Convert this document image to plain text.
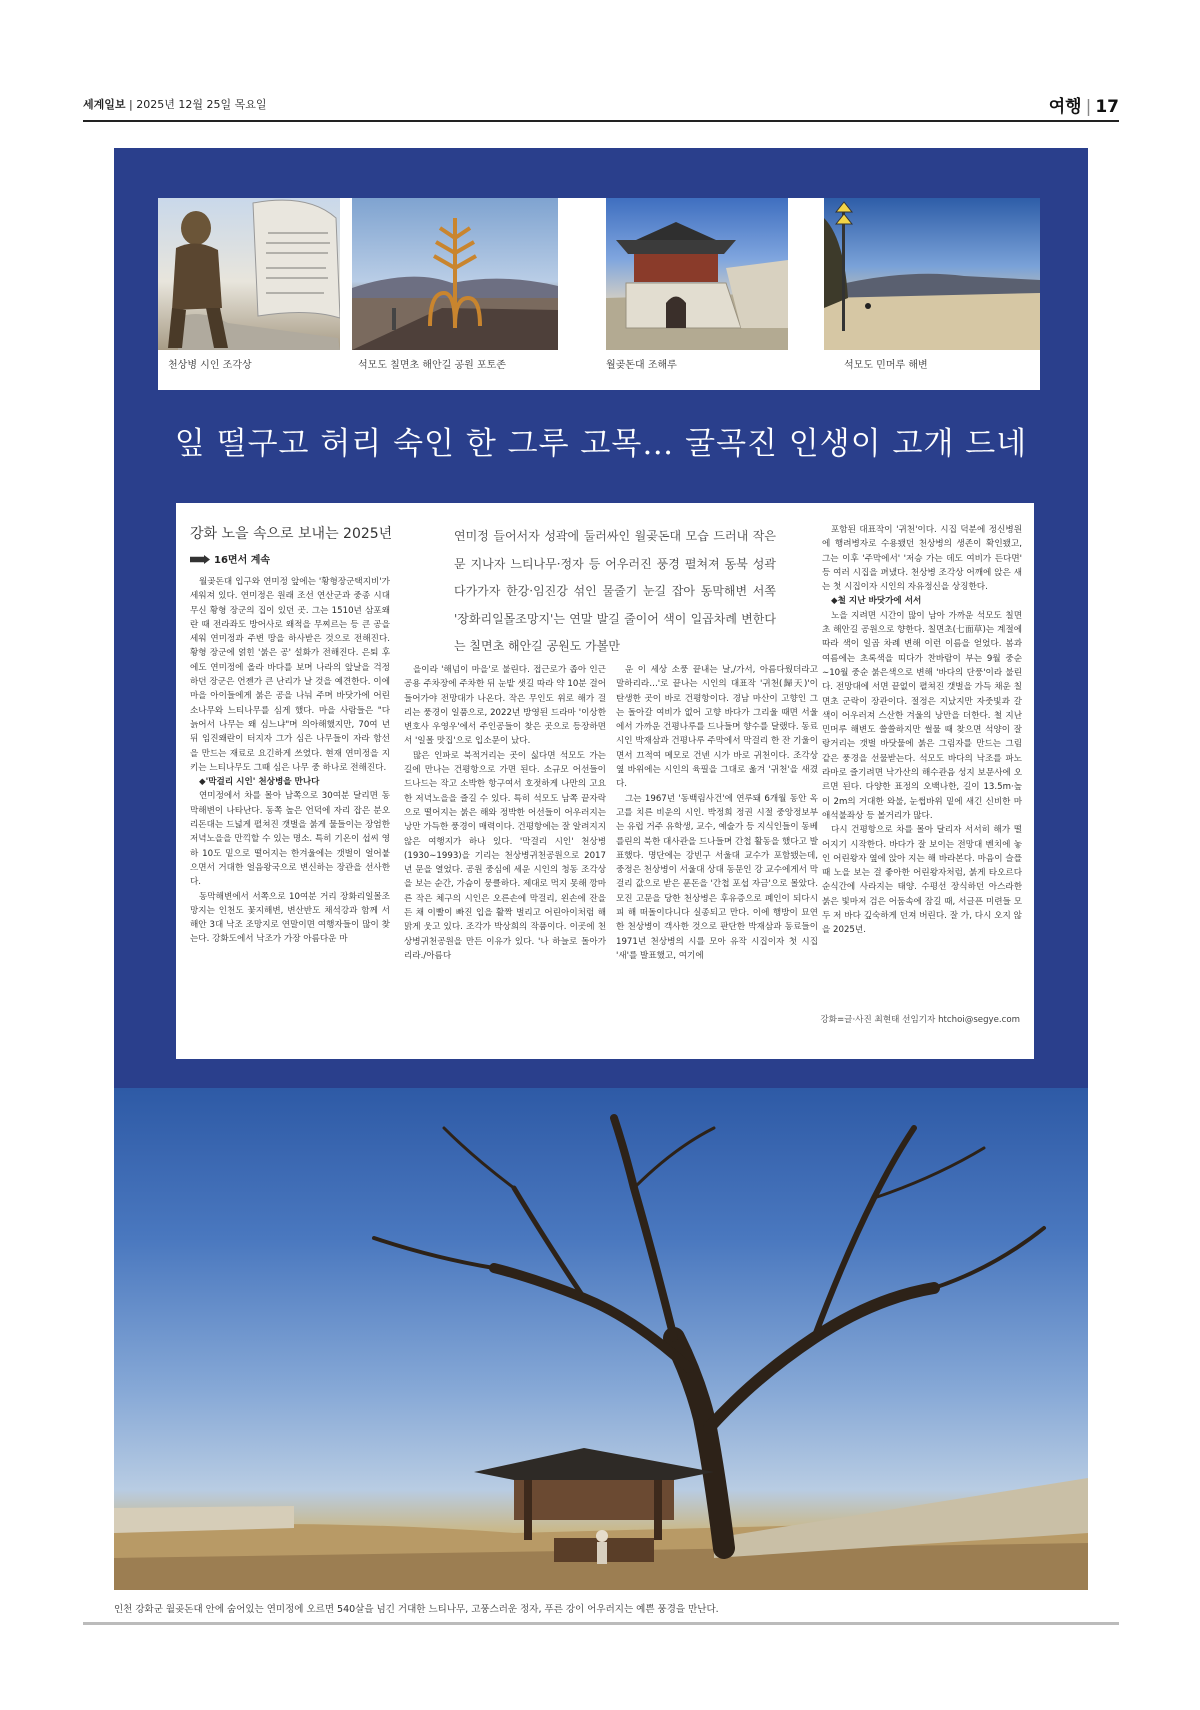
세계일보 | 2025년 12월 25일 목요일	여행 | 17
천상병 시인 조각상	석모도 칠면초 해안길 공원 포토존	월곶돈대 조해루	석모도 민머루 해변
잎 떨구고 허리 숙인 한 그루 고목… 굴곡진 인생이 고개 드네
강화 노을 속으로 보내는 2025년
16면서 계속
연미정 들어서자 성곽에 둘러싸인 월곶돈대 모습 드러내 작은 문 지나자 느티나무·정자 등 어우러진 풍경 펼쳐져 동북 성곽 다가가자 한강·임진강 섞인 물줄기 눈길 잡아 동막해변 서쪽 '장화리일몰조망지'는 연말 발길 줄이어 색이 일곱차례 변한다는 칠면초 해안길 공원도 가볼만

월곶돈대 입구와 연미정 앞에는 '황형장군택지비'가 세워져 있다. 연미정은 원래 조선 연산군과 중종 시대 무신 황형 장군의 집이 있던 곳. 그는 1510년 삼포왜란 때 전라좌도 방어사로 왜적을 무찌르는 등 큰 공을 세워 연미정과 주변 땅을 하사받은 것으로 전해진다. 황형 장군에 얽힌 '붉은 공' 설화가 전해진다. 은퇴 후에도 연미정에 올라 바다를 보며 나라의 앞날을 걱정하던 장군은 언젠가 큰 난리가 날 것을 예견한다. 이에 마을 아이들에게 붉은 공을 나눠 주며 바닷가에 어린 소나무와 느티나무를 심게 했다. 마을 사람들은 "다 늙어서 나무는 왜 심느냐"며 의아해했지만, 70여 년 뒤 임진왜란이 터지자 그가 심은 나무들이 자라 함선을 만드는 재료로 요긴하게 쓰였다. 현재 연미정을 지키는 느티나무도 그때 심은 나무 중 하나로 전해진다.

◆'막걸리 시인' 천상병을 만나다

연미정에서 차를 몰아 남쪽으로 30여분 달리면 동막해변이 나타난다. 동쪽 높은 언덕에 자리 잡은 분오리돈대는 드넓게 펼쳐진 갯벌을 붉게 물들이는 장엄한 저녁노을을 만끽할 수 있는 명소. 특히 기온이 섭씨 영하 10도 밑으로 떨어지는 한겨울에는 갯벌이 얼어붙으면서 거대한 얼음왕국으로 변신하는 장관을 선사한다.

동막해변에서 서쪽으로 10여분 거리 장화리일몰조망지는 인천도 꽃지해변, 변산반도 채석강과 함께 서해안 3대 낙조 조망지로 연말이면 여행자들이 많이 찾는다. 강화도에서 낙조가 가장 아름다운 마

을이라 '해넘이 마을'로 불린다. 접근로가 좁아 인근 공용 주차장에 주차한 뒤 눈밭 샛길 따라 약 10분 걸어 들어가야 전망대가 나온다. 작은 무인도 위로 해가 걸리는 풍경이 일품으로, 2022년 방영된 드라마 '이상한 변호사 우영우'에서 주인공들이 찾은 곳으로 등장하면서 '일몰 맛집'으로 입소문이 났다.

많은 인파로 북적거리는 곳이 싫다면 석모도 가는 길에 만나는 건평항으로 가면 된다. 소규모 어선들이 드나드는 작고 소박한 항구여서 호젓하게 나만의 고요한 저녁노을을 즐길 수 있다. 특히 석모도 남쪽 끝자락으로 떨어지는 붉은 해와 정박한 어선들이 어우러지는 낭만 가득한 풍경이 매력이다. 건평항에는 잘 알려지지 않은 여행지가 하나 있다. '막걸리 시인' 천상병(1930∼1993)을 기리는 천상병귀천공원으로 2017년 문을 열었다. 공원 중심에 세운 시인의 청동 조각상을 보는 순간, 가슴이 뭉클하다. 제대로 먹지 못해 깡마른 작은 체구의 시인은 오른손에 막걸리, 왼손에 잔을 든 채 이빨이 빠진 입을 활짝 벌리고 어린아이처럼 해맑게 웃고 있다. 조각가 박상희의 작품이다. 이곳에 천상병귀천공원을 만든 이유가 있다. '나 하늘로 돌아가리라./아름다

운 이 세상 소풍 끝내는 날,/가서, 아름다웠더라고 말하리라…'로 끝나는 시인의 대표작 '귀천(歸天)'이 탄생한 곳이 바로 건평항이다. 경남 마산이 고향인 그는 돌아갈 여비가 없어 고향 바다가 그리울 때면 서울에서 가까운 건평나루를 드나들며 향수를 달랬다. 동료 시인 박재삼과 건평나루 주막에서 막걸리 한 잔 기울이면서 끄적여 메모로 건넨 시가 바로 귀천이다. 조각상 옆 바위에는 시인의 육필을 그대로 옮겨 '귀천'을 새겼다.

그는 1967년 '동백림사건'에 연루돼 6개월 동안 옥고를 치른 비운의 시인. 박정희 정권 시절 중앙정보부는 유럽 거주 유학생, 교수, 예술가 등 지식인들이 동베를린의 북한 대사관을 드나들며 간첩 활동을 했다고 발표했다. 명단에는 강빈구 서울대 교수가 포함됐는데, 중정은 천상병이 서울대 상대 동문인 강 교수에게서 막걸리 값으로 받은 푼돈을 '간첩 포섭 자금'으로 몰았다. 모진 고문을 당한 천상병은 후유증으로 폐인이 되다시피 해 떠돌이다니다 실종되고 만다. 이에 행방이 묘연한 천상병이 객사한 것으로 판단한 박재삼과 동료들이 1971년 천상병의 시를 모아 유작 시집이자 첫 시집 '새'를 발표했고, 여기에

포함된 대표작이 '귀천'이다. 시집 덕분에 정신병원에 행려병자로 수용됐던 천상병의 생존이 확인됐고, 그는 이후 '주막에서' '저승 가는 데도 여비가 든다면' 등 여러 시집을 펴냈다. 천상병 조각상 어깨에 앉은 새는 첫 시집이자 시인의 자유정신을 상징한다.

◆철 지난 바닷가에 서서

노을 지려면 시간이 많이 남아 가까운 석모도 칠면초 해안길 공원으로 향한다. 칠면초(七面草)는 계절에 따라 색이 일곱 차례 변해 이런 이름을 얻었다. 봄과 여름에는 초록색을 띠다가 찬바람이 부는 9월 중순∼10월 중순 붉은색으로 변해 '바다의 단풍'이라 불린다. 전망대에 서면 끝없이 펼쳐진 갯벌을 가득 채운 칠면초 군락이 장관이다. 절정은 지났지만 자줏빛과 갈색이 어우러져 스산한 겨울의 낭만을 더한다. 철 지난 민머루 해변도 쓸쓸하지만 썰물 때 찾으면 석양이 잘랑거리는 갯벌 바닷물에 붉은 그림자를 만드는 그림 같은 풍경을 선물받는다. 석모도 바다의 낙조를 파노라마로 즐기려면 낙가산의 해수관음 성지 보문사에 오르면 된다. 다양한 표정의 오백나한, 길이 13.5m·높이 2m의 거대한 와불, 눈썹바위 밑에 새긴 신비한 마애석불좌상 등 볼거리가 많다.

다시 건평항으로 차를 몰아 달리자 서서히 해가 떨어지기 시작한다. 바다가 잘 보이는 전망대 벤치에 놓인 어린왕자 옆에 앉아 지는 해 바라본다. 마음이 슬플 때 노을 보는 걸 좋아한 어린왕자처럼, 붉게 타오르다 순식간에 사라지는 태양. 수평선 장식하던 아스라한 붉은 빛마저 검은 어둠속에 잠길 때, 서글픈 미련들 모두 저 바다 깊숙하게 던져 버린다. 잘 가, 다시 오지 않을 2025년.

강화=글·사진 최현태 선임기자 htchoi@segye.com
인천 강화군 월곶돈대 안에 숨어있는 연미정에 오르면 540살을 넘긴 거대한 느티나무, 고풍스러운 정자, 푸른 강이 어우러지는 예쁜 풍경을 만난다.
